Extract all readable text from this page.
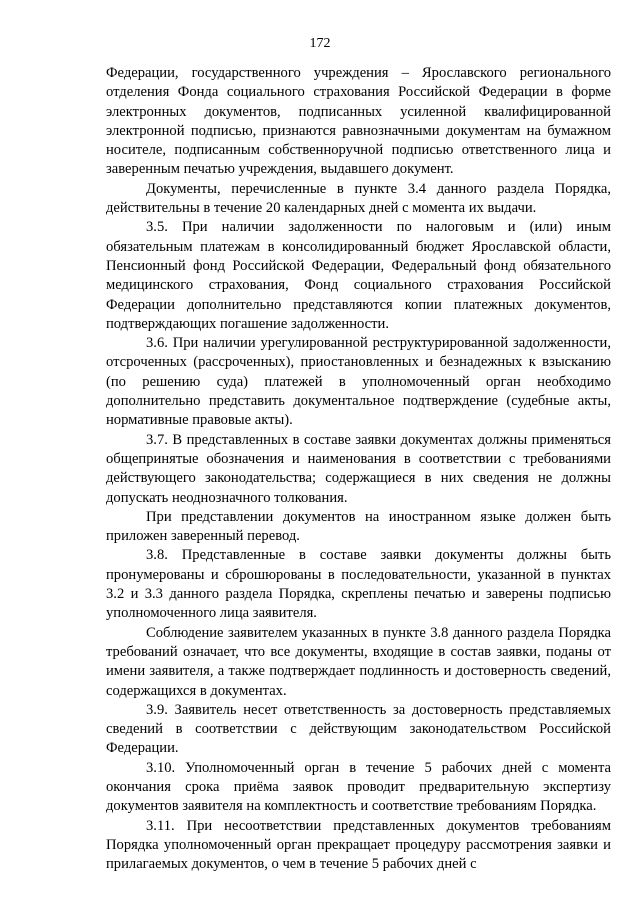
172

Федерации, государственного учреждения – Ярославского регионального отделения Фонда социального страхования Российской Федерации в форме электронных документов, подписанных усиленной квалифицированной электронной подписью, признаются равнозначными документам на бумажном носителе, подписанным собственноручной подписью ответственного лица и заверенным печатью учреждения, выдавшего документ.

Документы, перечисленные в пункте 3.4 данного раздела Порядка, действительны в течение 20 календарных дней с момента их выдачи.

3.5. При наличии задолженности по налоговым и (или) иным обязательным платежам в консолидированный бюджет Ярославской области, Пенсионный фонд Российской Федерации, Федеральный фонд обязательного медицинского страхования, Фонд социального страхования Российской Федерации дополнительно представляются копии платежных документов, подтверждающих погашение задолженности.

3.6. При наличии урегулированной реструктурированной задолженности, отсроченных (рассроченных), приостановленных и безнадежных к взысканию (по решению суда) платежей в уполномоченный орган необходимо дополнительно представить документальное подтверждение (судебные акты, нормативные правовые акты).

3.7. В представленных в составе заявки документах должны применяться общепринятые обозначения и наименования в соответствии с требованиями действующего законодательства; содержащиеся в них сведения не должны допускать неоднозначного толкования.

При представлении документов на иностранном языке должен быть приложен заверенный перевод.

3.8. Представленные в составе заявки документы должны быть пронумерованы и сброшюрованы в последовательности, указанной в пунктах 3.2 и 3.3 данного раздела Порядка, скреплены печатью и заверены подписью уполномоченного лица заявителя.

Соблюдение заявителем указанных в пункте 3.8 данного раздела Порядка требований означает, что все документы, входящие в состав заявки, поданы от имени заявителя, а также подтверждает подлинность и достоверность сведений, содержащихся в документах.

3.9. Заявитель несет ответственность за достоверность представляемых сведений в соответствии с действующим законодательством Российской Федерации.

3.10. Уполномоченный орган в течение 5 рабочих дней с момента окончания срока приёма заявок проводит предварительную экспертизу документов заявителя на комплектность и соответствие требованиям Порядка.

3.11. При несоответствии представленных документов требованиям Порядка уполномоченный орган прекращает процедуру рассмотрения заявки и прилагаемых документов, о чем в течение 5 рабочих дней с
